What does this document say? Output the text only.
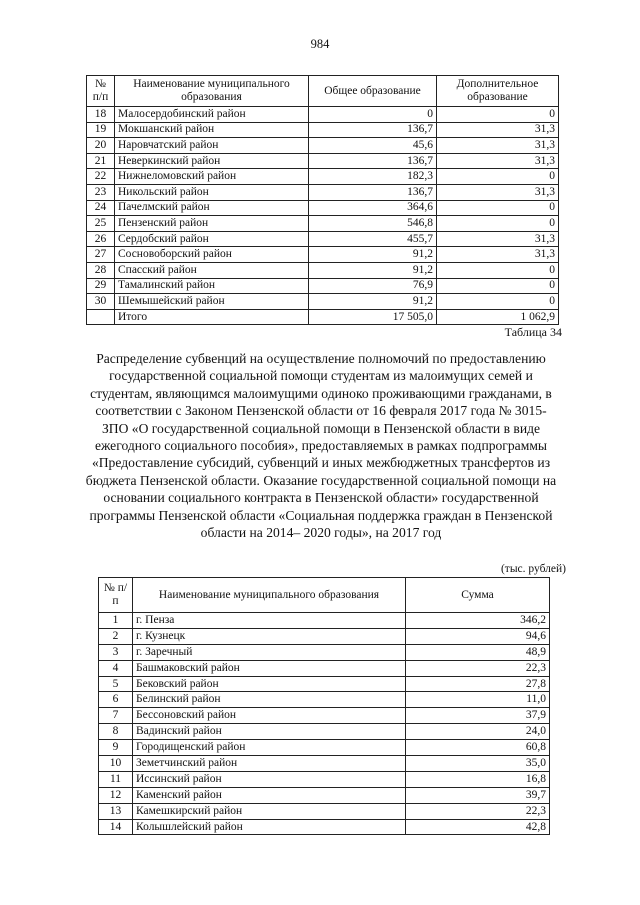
984
№ п/п	Наименование муниципального образования	Общее образование	Дополнительное образование
18	Малосердобинский район	0	0
19	Мокшанский район	136,7	31,3
20	Наровчатский район	45,6	31,3
21	Неверкинский район	136,7	31,3
22	Нижнеломовский район	182,3	0
23	Никольский район	136,7	31,3
24	Пачелмский район	364,6	0
25	Пензенский район	546,8	0
26	Сердобский район	455,7	31,3
27	Сосновоборский район	91,2	31,3
28	Спасский район	91,2	0
29	Тамалинский район	76,9	0
30	Шемышейский район	91,2	0
	Итого	17 505,0	1 062,9
Таблица 34
Распределение субвенций на осуществление полномочий по предоставлению государственной социальной помощи студентам из малоимущих семей и студентам, являющимся малоимущими одиноко проживающими гражданами, в соответствии с Законом Пензенской области от 16 февраля 2017 года № 3015-ЗПО «О государственной социальной помощи в Пензенской области в виде ежегодного социального пособия», предоставляемых в рамках подпрограммы «Предоставление субсидий, субвенций и иных межбюджетных трансфертов из бюджета Пензенской области. Оказание государственной социальной помощи на основании социального контракта в Пензенской области» государственной программы Пензенской области «Социальная поддержка граждан в Пензенской области на 2014– 2020 годы», на 2017 год
(тыс. рублей)
№ п/п	Наименование муниципального образования	Сумма
1	г. Пенза	346,2
2	г. Кузнецк	94,6
3	г. Заречный	48,9
4	Башмаковский район	22,3
5	Бековский район	27,8
6	Белинский район	11,0
7	Бессоновский район	37,9
8	Вадинский район	24,0
9	Городищенский район	60,8
10	Земетчинский район	35,0
11	Иссинский район	16,8
12	Каменский район	39,7
13	Камешкирский район	22,3
14	Колышлейский район	42,8
